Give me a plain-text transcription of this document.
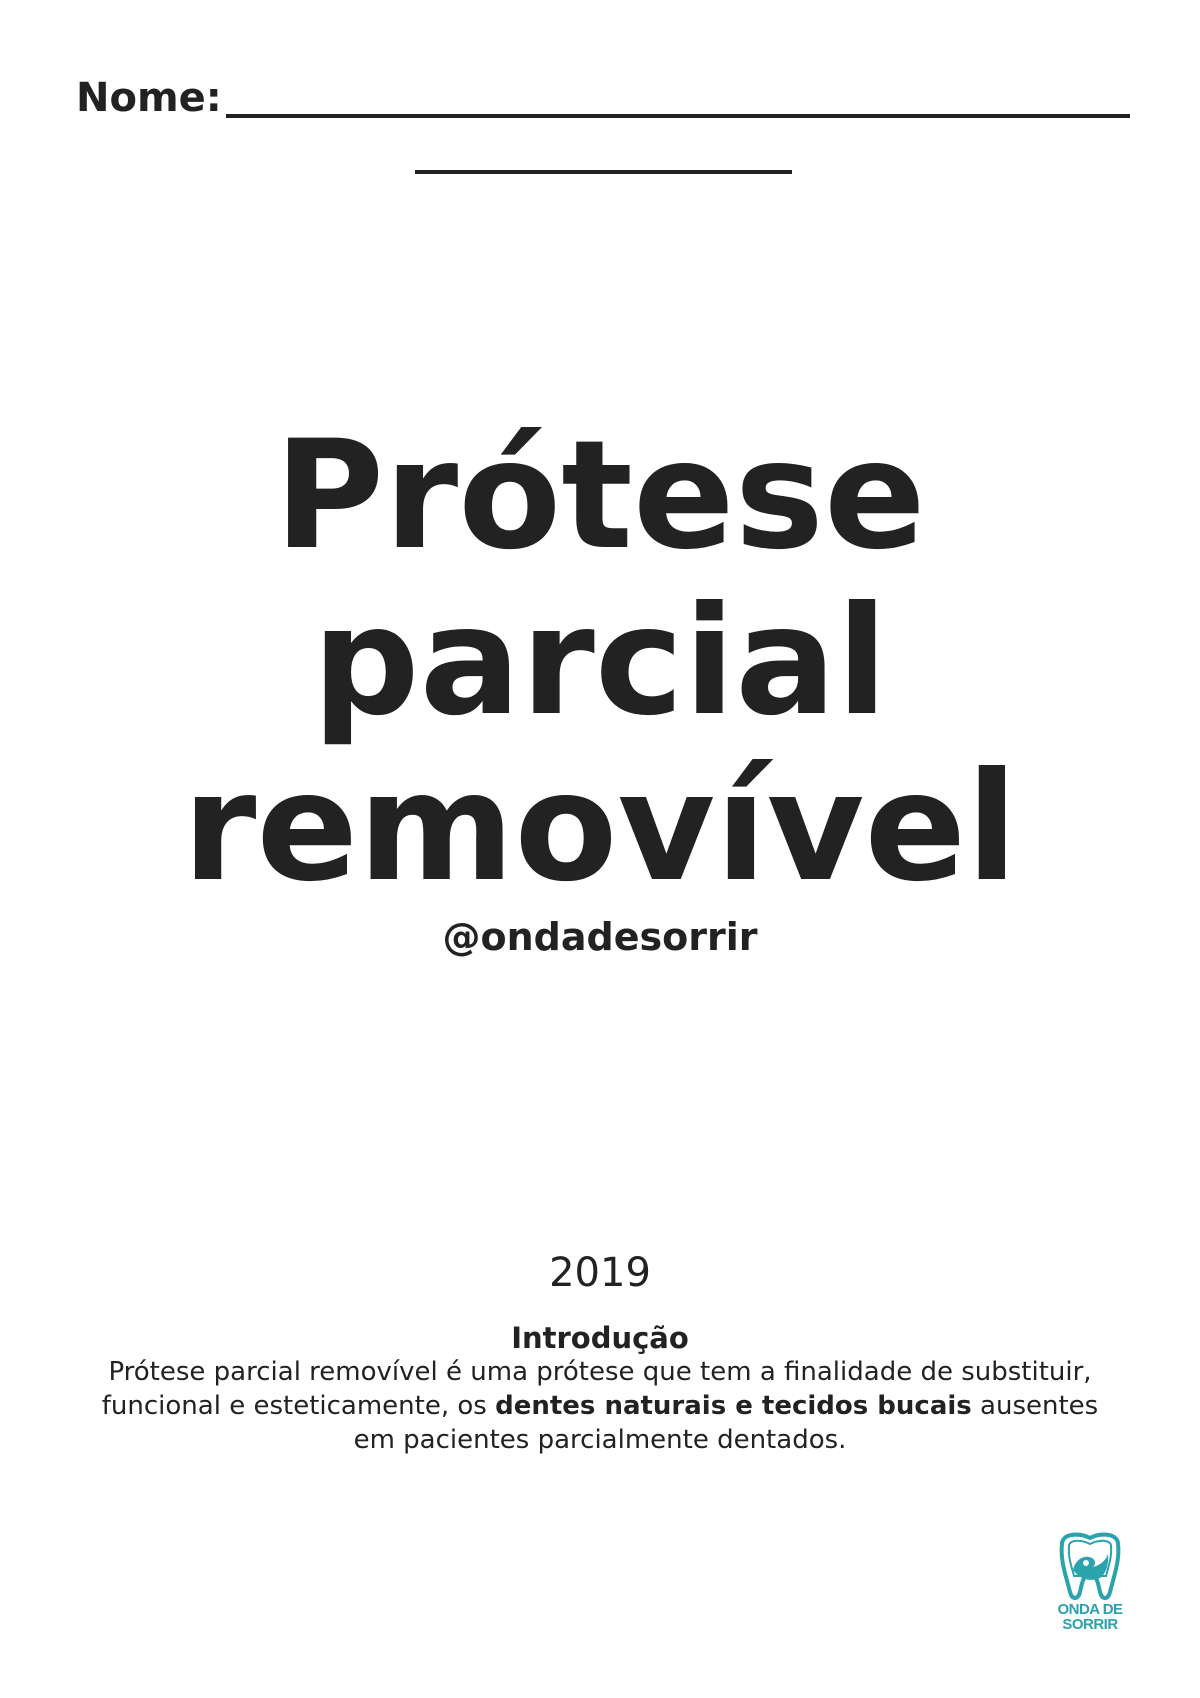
Nome:
Prótese
parcial
removível
@ondadesorrir
2019
Introdução
Prótese parcial removível é uma prótese que tem a finalidade de substituir, funcional e esteticamente, os dentes naturais e tecidos bucais ausentes em pacientes parcialmente dentados.
ONDA DE
SORRIR
